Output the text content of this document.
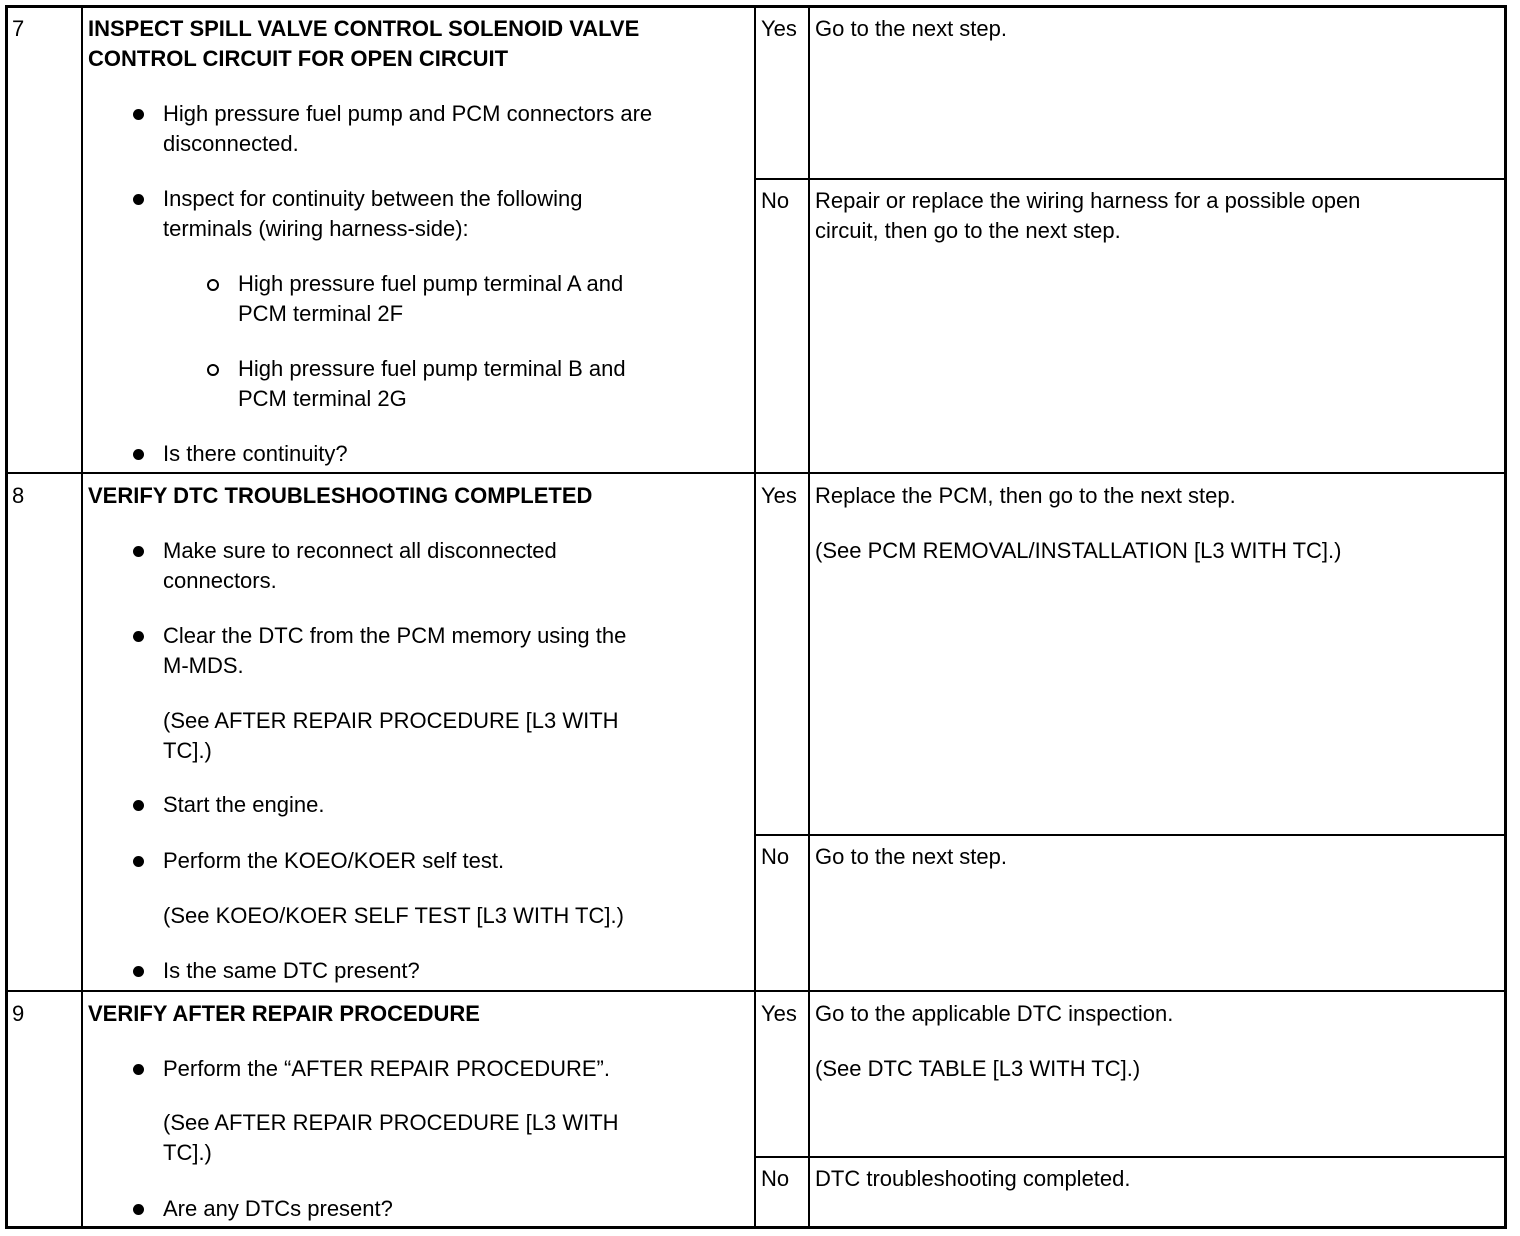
7	INSPECT SPILL VALVE CONTROL SOLENOID VALVE
CONTROL CIRCUIT FOR OPEN CIRCUIT
High pressure fuel pump and PCM connectors are
disconnected.
Inspect for continuity between the following
terminals (wiring harness-side):
High pressure fuel pump terminal A and
PCM terminal 2F
High pressure fuel pump terminal B and
PCM terminal 2G
Is there continuity?
Yes Go to the next step.
No Repair or replace the wiring harness for a possible open
circuit, then go to the next step.
8	VERIFY DTC TROUBLESHOOTING COMPLETED
Make sure to reconnect all disconnected
connectors.
Clear the DTC from the PCM memory using the
M-MDS.
(See AFTER REPAIR PROCEDURE [L3 WITH
TC].)
Start the engine.
Perform the KOEO/KOER self test.
(See KOEO/KOER SELF TEST [L3 WITH TC].)
Is the same DTC present?
Yes Replace the PCM, then go to the next step.
(See PCM REMOVAL/INSTALLATION [L3 WITH TC].)
No Go to the next step.
9	VERIFY AFTER REPAIR PROCEDURE
Perform the “AFTER REPAIR PROCEDURE”.
(See AFTER REPAIR PROCEDURE [L3 WITH
TC].)
Are any DTCs present?
Yes Go to the applicable DTC inspection.
(See DTC TABLE [L3 WITH TC].)
No DTC troubleshooting completed.
